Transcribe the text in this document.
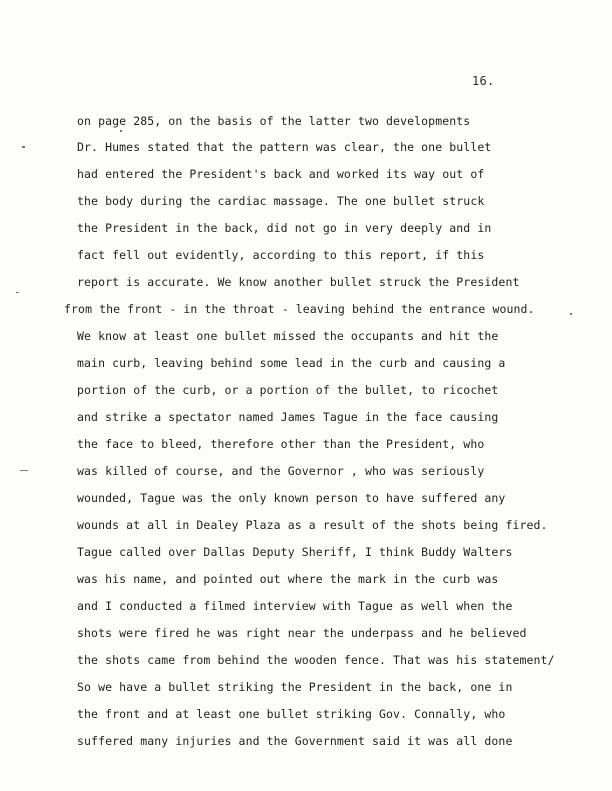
16.
on page 285, on the basis of the latter two developments
Dr. Humes stated that the pattern was clear, the one bullet
had entered the President's back and worked its way out of
the body during the cardiac massage. The one bullet struck
the President in the back, did not go in very deeply and in
fact fell out evidently, according to this report, if this
report is accurate. We know another bullet struck the President
from the front - in the throat - leaving behind the entrance wound.
We know at least one bullet missed the occupants and hit the
main curb, leaving behind some lead in the curb and causing a
portion of the curb, or a portion of the bullet, to ricochet
and strike a spectator named James Tague in the face causing
the face to bleed, therefore other than the President, who
was killed of course, and the Governor , who was seriously
wounded, Tague was the only known person to have suffered any
wounds at all in Dealey Plaza as a result of the shots being fired.
Tague called over Dallas Deputy Sheriff, I think Buddy Walters
was his name, and pointed out where the mark in the curb was
and I conducted a filmed interview with Tague as well when the
shots were fired he was right near the underpass and he believed
the shots came from behind the wooden fence. That was his statement/
So we have a bullet striking the President in the back, one in
the front and at least one bullet striking Gov. Connally, who
suffered many injuries and the Government said it was all done
